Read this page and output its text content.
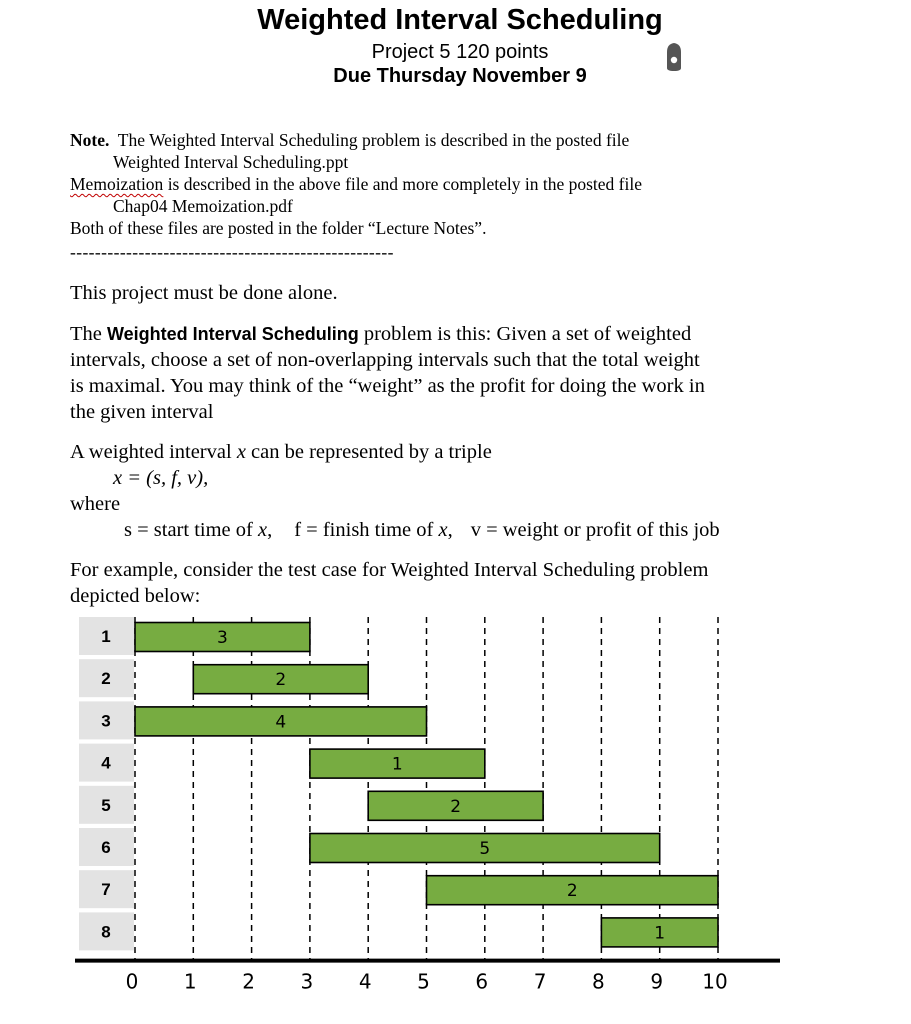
Weighted Interval Scheduling
Project 5 120 points
Due Thursday November 9
Note. The Weighted Interval Scheduling problem is described in the posted file
Weighted Interval Scheduling.ppt
Memoization is described in the above file and more completely in the posted file
Chap04 Memoization.pdf
Both of these files are posted in the folder “Lecture Notes”.
----------------------------------------------------
This project must be done alone.
The Weighted Interval Scheduling problem is this: Given a set of weighted
intervals, choose a set of non-overlapping intervals such that the total weight
is maximal. You may think of the “weight” as the profit for doing the work in
the given interval
A weighted interval x can be represented by a triple
x = (s, f, v),
where
s = start time of x, f = finish time of x, v = weight or profit of this job
For example, consider the test case for Weighted Interval Scheduling problem
depicted below:
1
2
3
4
5
6
7
8
3
2
4
1
2
5
2
1
0 1 2 3 4 5 6 7 8 9 10
